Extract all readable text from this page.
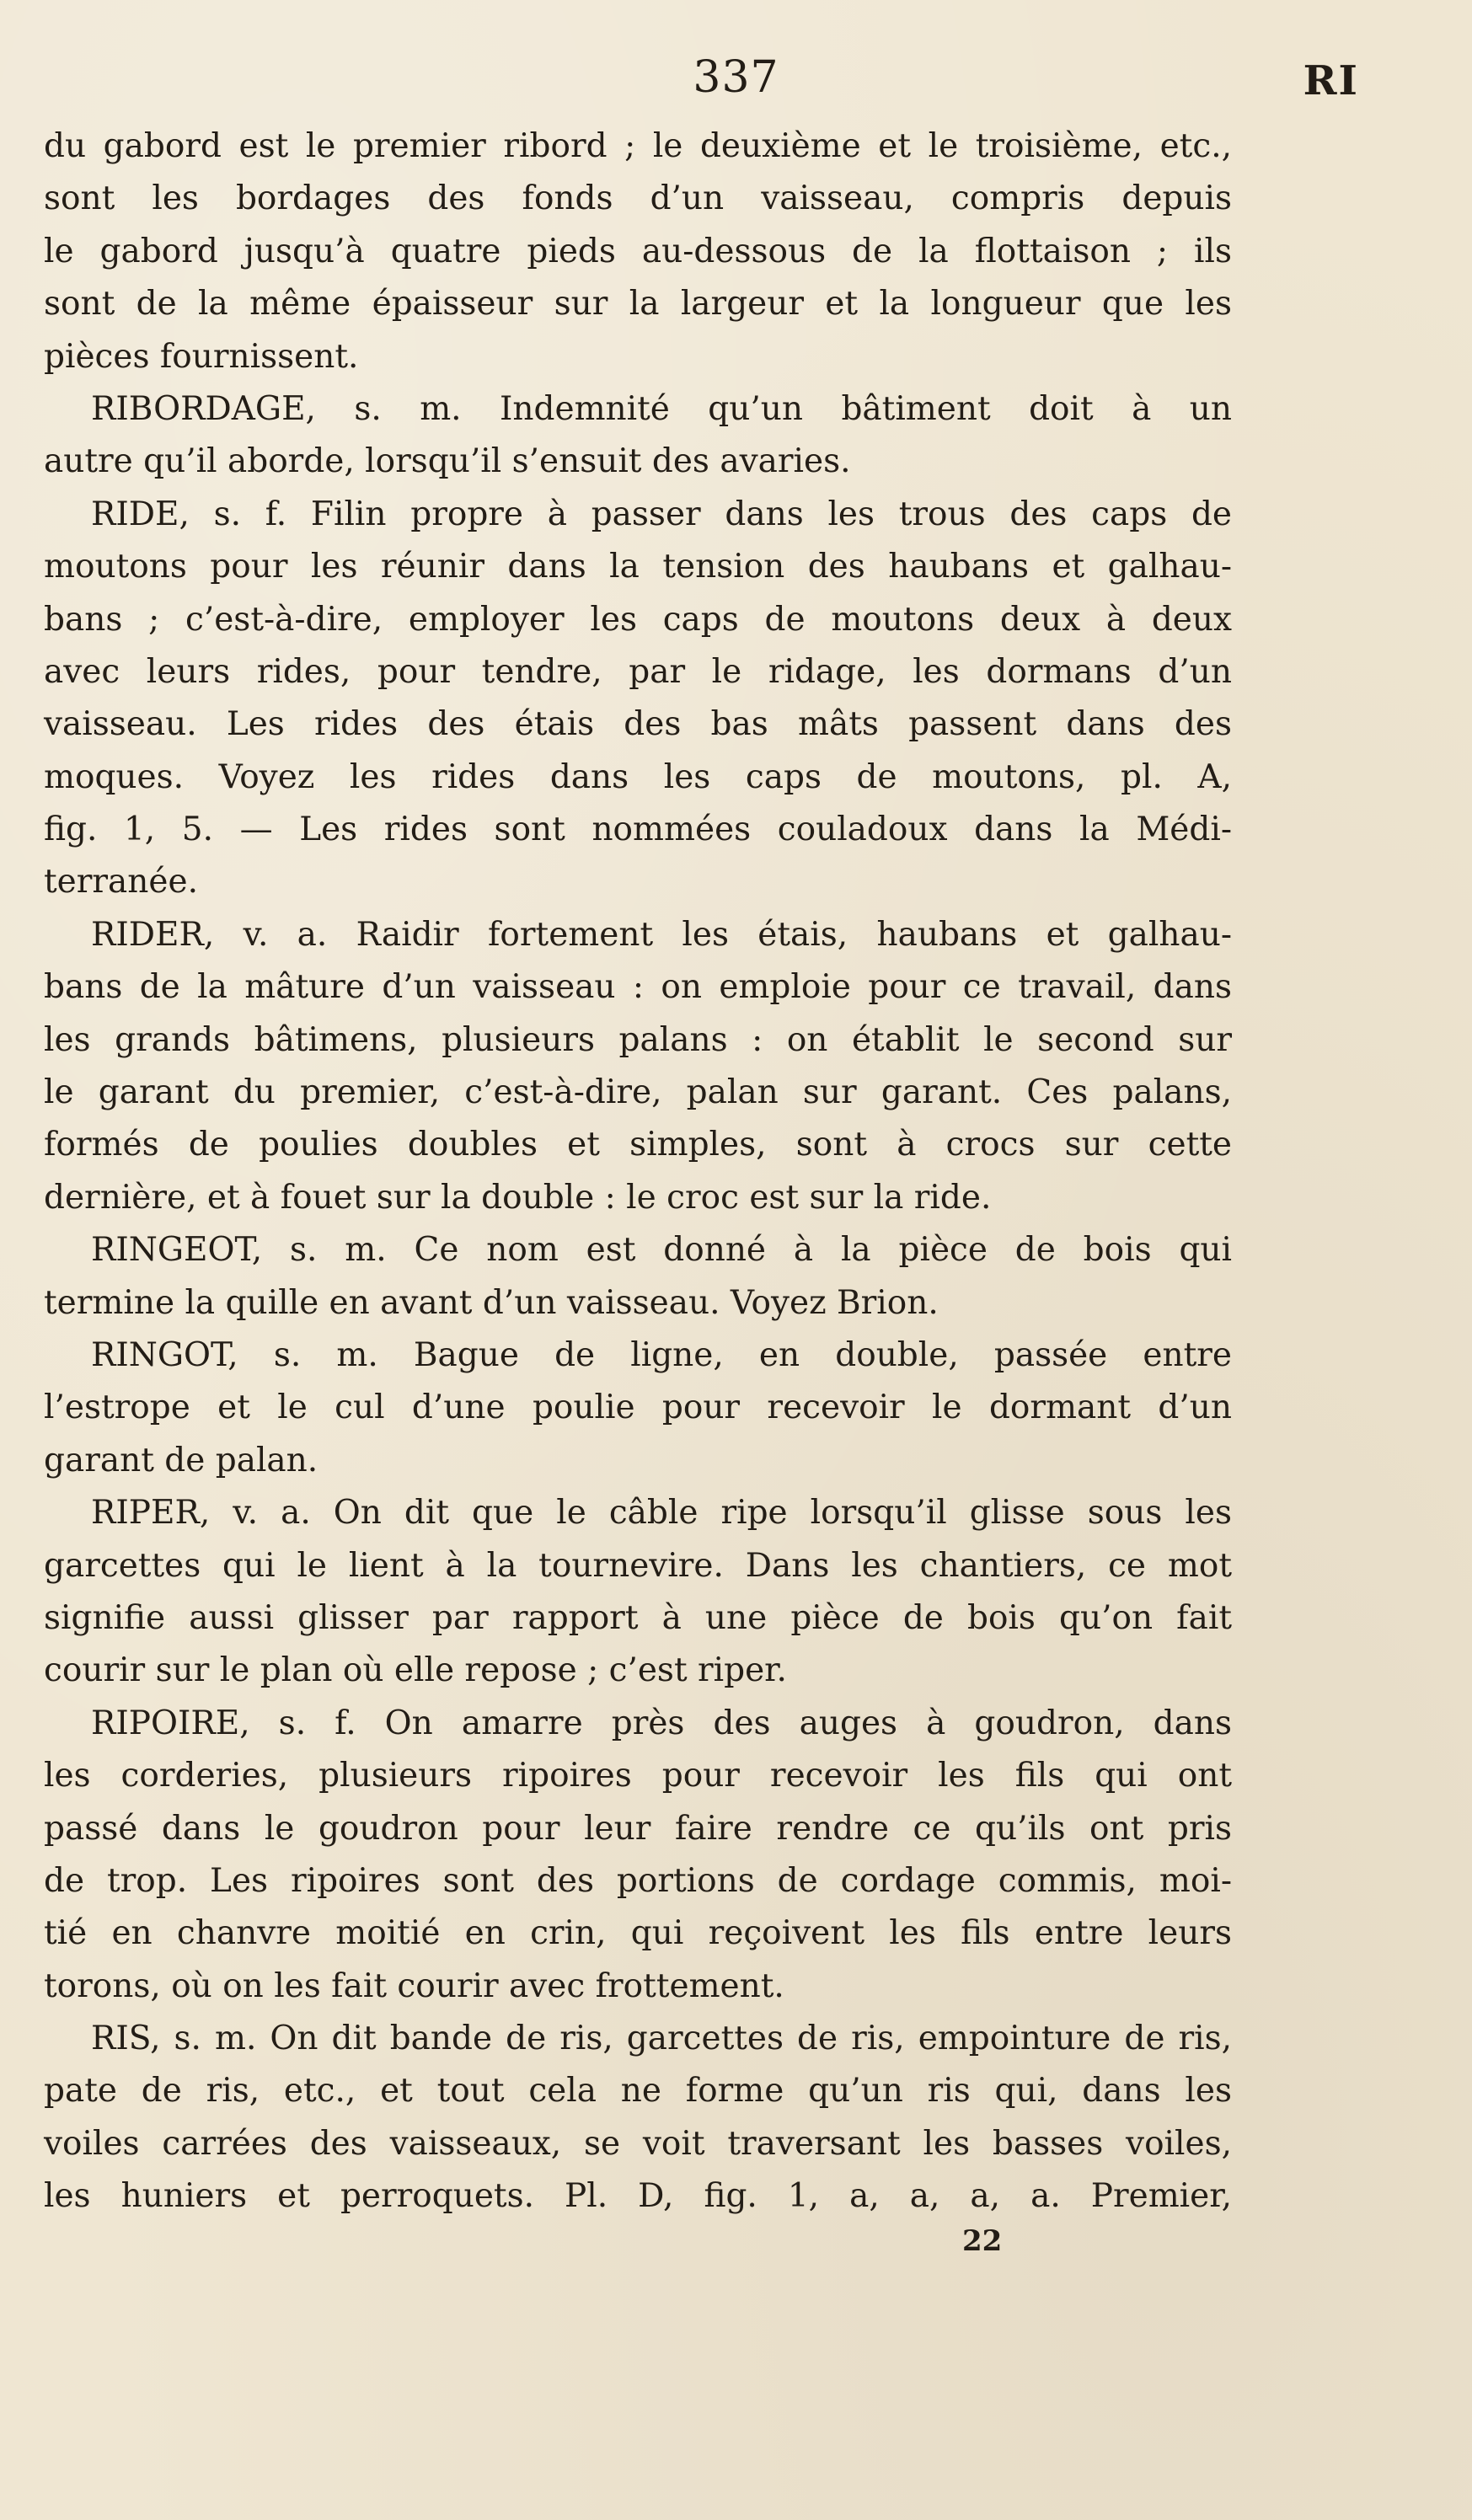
337	RI
du gabord est le premier ribord ; le deuxième et le troisième, etc.,
sont les bordages des fonds d’un vaisseau, compris depuis
le gabord jusqu’à quatre pieds au-dessous de la flottaison ; ils
sont de la même épaisseur sur la largeur et la longueur que les
pièces fournissent.
RIBORDAGE, s. m. Indemnité qu’un bâtiment doit à un
autre qu’il aborde, lorsqu’il s’ensuit des avaries.
RIDE, s. f. Filin propre à passer dans les trous des caps de
moutons pour les réunir dans la tension des haubans et galhau-
bans ; c’est-à-dire, employer les caps de moutons deux à deux
avec leurs rides, pour tendre, par le ridage, les dormans d’un
vaisseau. Les rides des étais des bas mâts passent dans des
moques. Voyez les rides dans les caps de moutons, pl. A,
fig. 1, 5. — Les rides sont nommées couladoux dans la Médi-
terranée.
RIDER, v. a. Raidir fortement les étais, haubans et galhau-
bans de la mâture d’un vaisseau : on emploie pour ce travail, dans
les grands bâtimens, plusieurs palans : on établit le second sur
le garant du premier, c’est-à-dire, palan sur garant. Ces palans,
formés de poulies doubles et simples, sont à crocs sur cette
dernière, et à fouet sur la double : le croc est sur la ride.
RINGEOT, s. m. Ce nom est donné à la pièce de bois qui
termine la quille en avant d’un vaisseau. Voyez Brion.
RINGOT, s. m. Bague de ligne, en double, passée entre
l’estrope et le cul d’une poulie pour recevoir le dormant d’un
garant de palan.
RIPER, v. a. On dit que le câble ripe lorsqu’il glisse sous les
garcettes qui le lient à la tournevire. Dans les chantiers, ce mot
signifie aussi glisser par rapport à une pièce de bois qu’on fait
courir sur le plan où elle repose ; c’est riper.
RIPOIRE, s. f. On amarre près des auges à goudron, dans
les corderies, plusieurs ripoires pour recevoir les fils qui ont
passé dans le goudron pour leur faire rendre ce qu’ils ont pris
de trop. Les ripoires sont des portions de cordage commis, moi-
tié en chanvre moitié en crin, qui reçoivent les fils entre leurs
torons, où on les fait courir avec frottement.
RIS, s. m. On dit bande de ris, garcettes de ris, empointure de ris,
pate de ris, etc., et tout cela ne forme qu’un ris qui, dans les
voiles carrées des vaisseaux, se voit traversant les basses voiles,
les huniers et perroquets. Pl. D, fig. 1, a, a, a, a. Premier,
22
